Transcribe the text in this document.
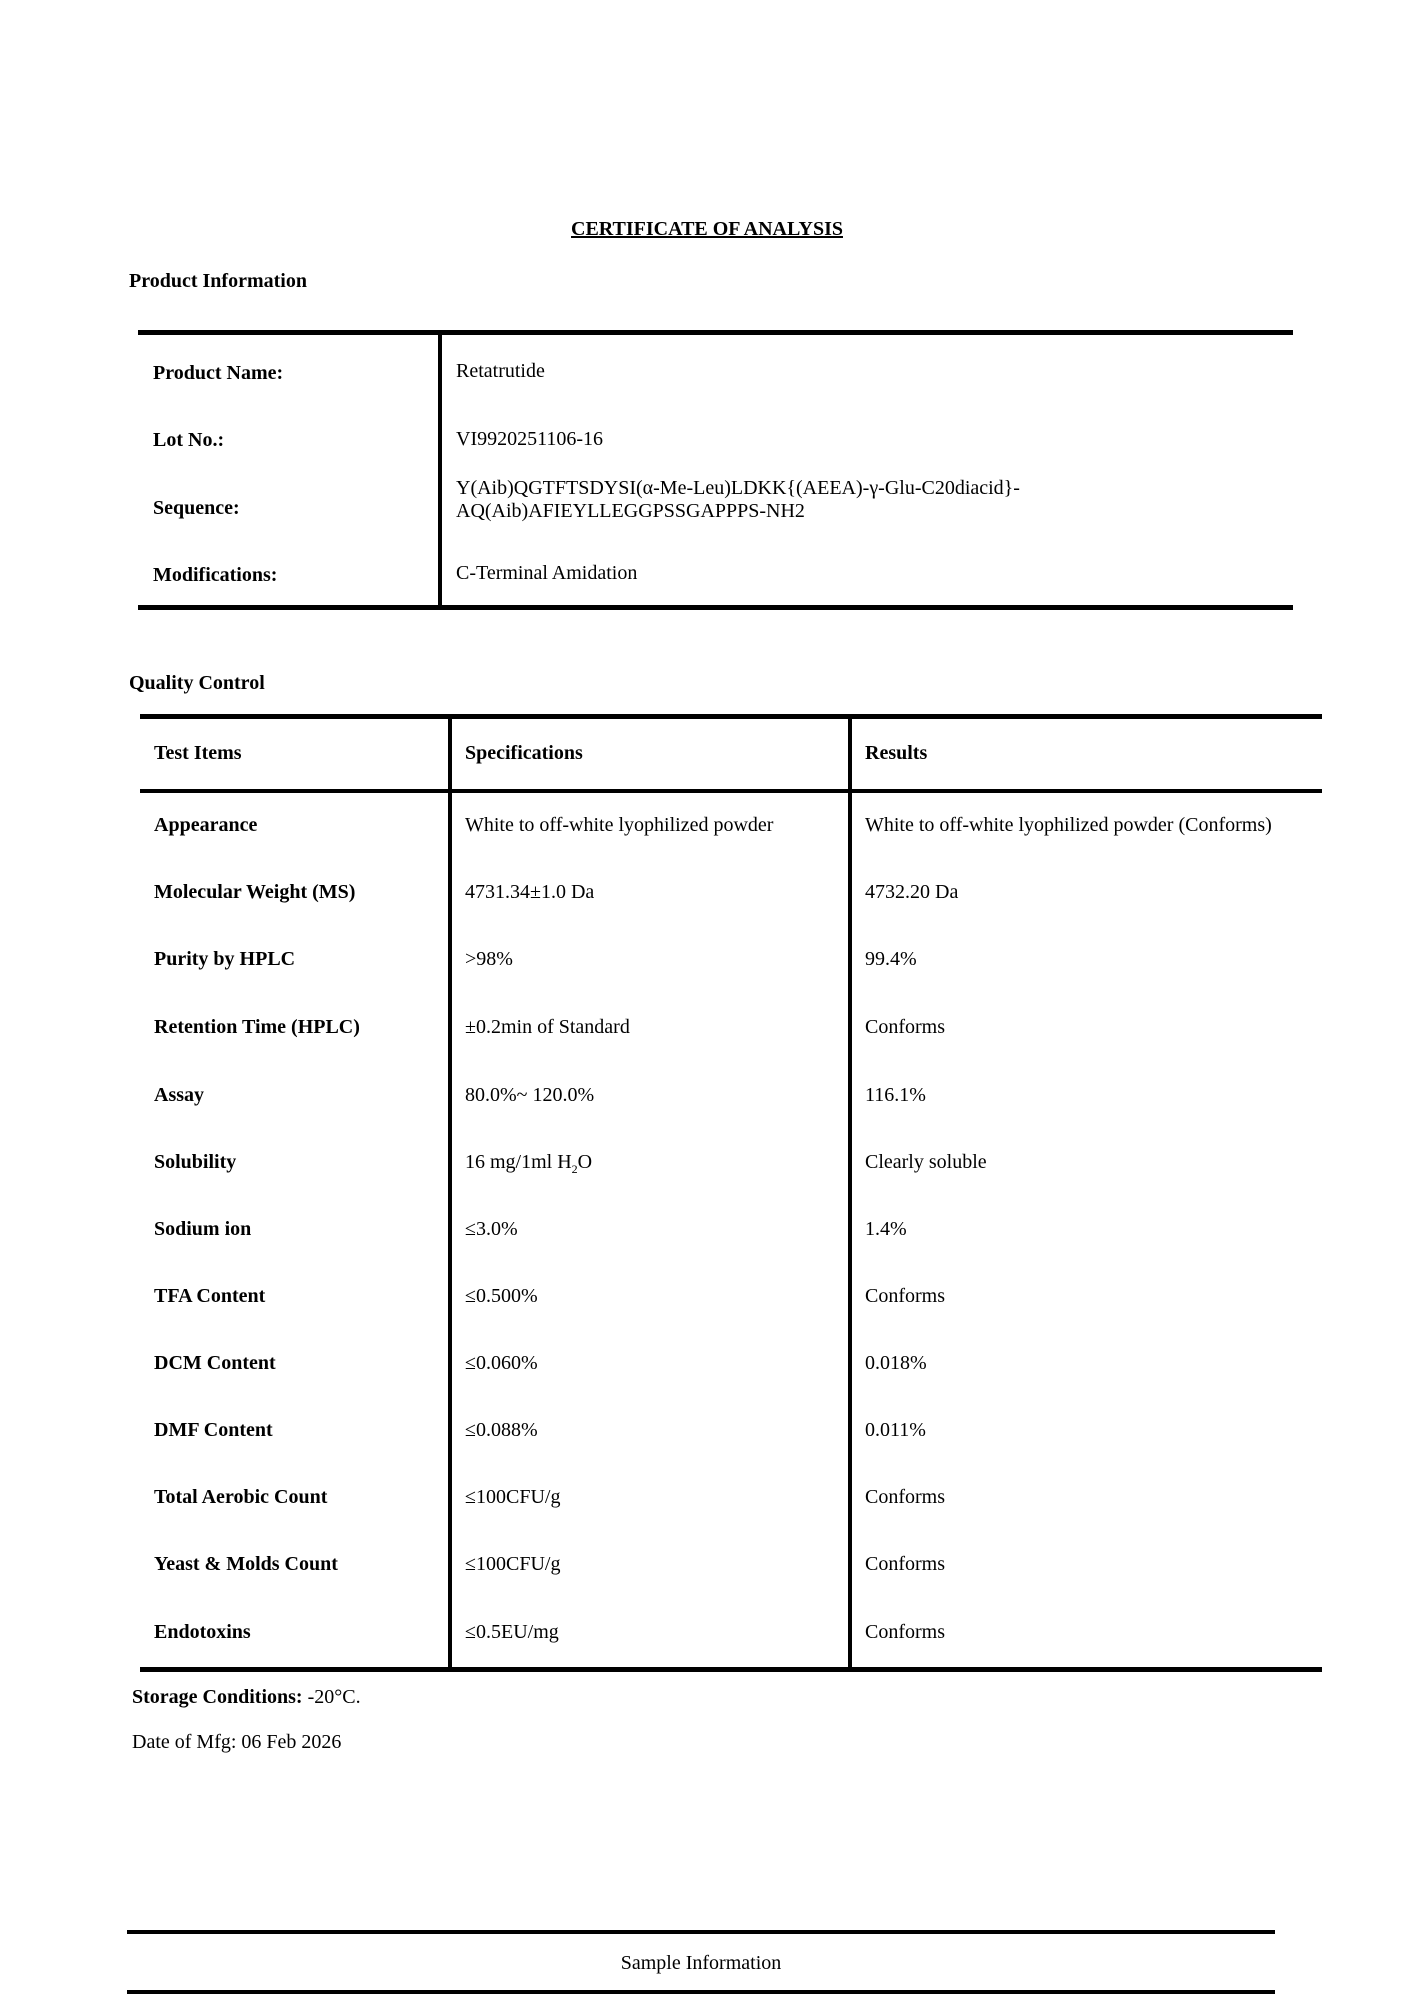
CERTIFICATE OF ANALYSIS
Product Information
Product Name:	Retatrutide
Lot No.:	VI9920251106-16
Sequence:
Y(Aib)QGTFTSDYSI(α-Me-Leu)LDKK{(AEEA)-γ-Glu-C20diacid}-
AQ(Aib)AFIEYLLEGGPSSGAPPPS-NH2
Modifications:	C-Terminal Amidation
Quality Control
Test Items	Specifications	Results
Appearance	White to off-white lyophilized powder	White to off-white lyophilized powder (Conforms)
Molecular Weight (MS)	4731.34±1.0 Da	4732.20 Da
Purity by HPLC	>98%	99.4%
Retention Time (HPLC)	±0.2min of Standard	Conforms
Assay	80.0%~ 120.0%	116.1%
Solubility	16 mg/1ml $H_2O$	Clearly soluble
Sodium ion	≤3.0%	1.4%
TFA Content	≤0.500%	Conforms
DCM Content	≤0.060%	0.018%
DMF Content	≤0.088%	0.011%
Total Aerobic Count	≤100CFU/g	Conforms
Yeast & Molds Count	≤100CFU/g	Conforms
Endotoxins	≤0.5EU/mg	Conforms
Storage Conditions: -20°C.
Date of Mfg: 06 Feb 2026
Sample Information
